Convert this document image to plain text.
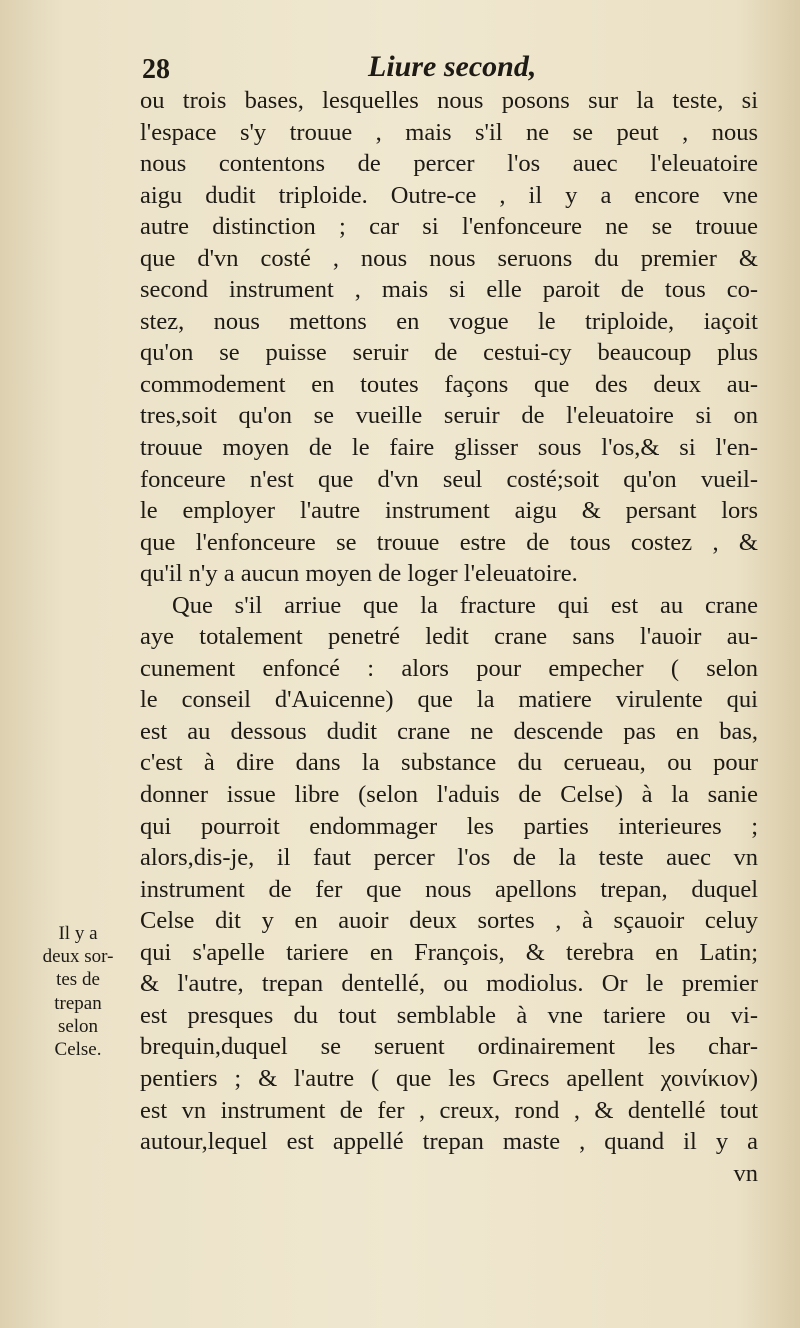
28	Liure second,
ou trois bases, lesquelles nous posons sur la teste, si
l'espace s'y trouue , mais s'il ne se peut , nous
nous contentons de percer l'os auec l'eleuatoire
aigu dudit triploide. Outre-ce , il y a encore vne
autre distinction ; car si l'enfonceure ne se trouue
que d'vn costé , nous nous seruons du premier &
second instrument , mais si elle paroit de tous co-
stez, nous mettons en vogue le triploide, iaçoit
qu'on se puisse seruir de cestui-cy beaucoup plus
commodement en toutes façons que des deux au-
tres,soit qu'on se vueille seruir de l'eleuatoire si on
trouue moyen de le faire glisser sous l'os,& si l'en-
fonceure n'est que d'vn seul costé;soit qu'on vueil-
le employer l'autre instrument aigu & persant lors
que l'enfonceure se trouue estre de tous costez , &
qu'il n'y a aucun moyen de loger l'eleuatoire.
Que s'il arriue que la fracture qui est au crane
aye totalement penetré ledit crane sans l'auoir au-
cunement enfoncé : alors pour empecher ( selon
le conseil d'Auicenne) que la matiere virulente qui
est au dessous dudit crane ne descende pas en bas,
c'est à dire dans la substance du cerueau, ou pour
donner issue libre (selon l'aduis de Celse) à la sanie
qui pourroit endommager les parties interieures ;
alors,dis-je, il faut percer l'os de la teste auec vn
instrument de fer que nous apellons trepan, duquel
Celse dit y en auoir deux sortes , à sçauoir celuy
qui s'apelle tariere en François, & terebra en Latin;
& l'autre, trepan dentellé, ou modiolus. Or le premier
est presques du tout semblable à vne tariere ou vi-
brequin,duquel se seruent ordinairement les char-
pentiers ; & l'autre ( que les Grecs apellent χοινίκιον)
est vn instrument de fer , creux, rond , & dentellé tout
autour,lequel est appellé trepan maste , quand il y a
vn
Il y a
deux sor-
tes de
trepan
selon
Celse.
